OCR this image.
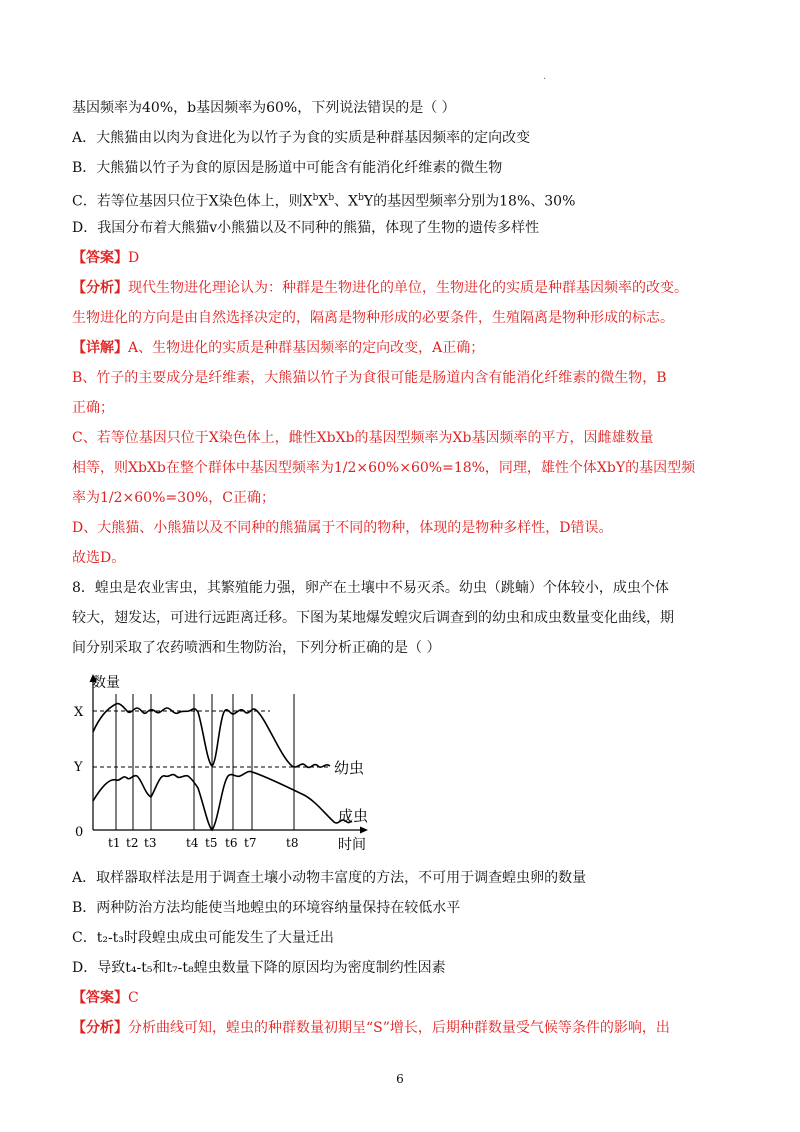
·
基因频率为40%，b基因频率为60%，下列说法错误的是（ ）
A．大熊猫由以肉为食进化为以竹子为食的实质是种群基因频率的定向改变
B．大熊猫以竹子为食的原因是肠道中可能含有能消化纤维素的微生物
C．若等位基因只位于X染色体上，则$X^bX^b$、$X^bY$的基因型频率分别为18%、30%
D．我国分布着大熊猫v小熊猫以及不同种的熊猫，体现了生物的遗传多样性
【答案】D
【分析】现代生物进化理论认为：种群是生物进化的单位，生物进化的实质是种群基因频率的改变。
生物进化的方向是由自然选择决定的，隔离是物种形成的必要条件，生殖隔离是物种形成的标志。
【详解】A、生物进化的实质是种群基因频率的定向改变，A正确；
B、竹子的主要成分是纤维素，大熊猫以竹子为食很可能是肠道内含有能消化纤维素的微生物，B
正确；
C、若等位基因只位于X染色体上，雌性XbXb的基因型频率为Xb基因频率的平方，因雌雄数量
相等，则XbXb在整个群体中基因型频率为1/2×60%×60%=18%，同理，雄性个体XbY的基因型频
率为1/2×60%=30%，C正确；
D、大熊猫、小熊猫以及不同种的熊猫属于不同的物种，体现的是物种多样性，D错误。
故选D。
8．蝗虫是农业害虫，其繁殖能力强，卵产在土壤中不易灭杀。幼虫（跳蝻）个体较小，成虫个体
较大，翅发达，可进行远距离迁移。下图为某地爆发蝗灾后调查到的幼虫和成虫数量变化曲线，期
间分别采取了农药喷洒和生物防治，下列分析正确的是（ ）
数量
时间
X
Y
0
t1 t2 t3 t4 t5 t6 t7 t8
幼虫
成虫
A．取样器取样法是用于调查土壤小动物丰富度的方法，不可用于调查蝗虫卵的数量
B．两种防治方法均能使当地蝗虫的环境容纳量保持在较低水平
C．t₂-t₃时段蝗虫成虫可能发生了大量迁出
D．导致t₄-t₅和t₇-t₈蝗虫数量下降的原因均为密度制约性因素
【答案】C
【分析】分析曲线可知，蝗虫的种群数量初期呈“S”增长，后期种群数量受气候等条件的影响，出
6
